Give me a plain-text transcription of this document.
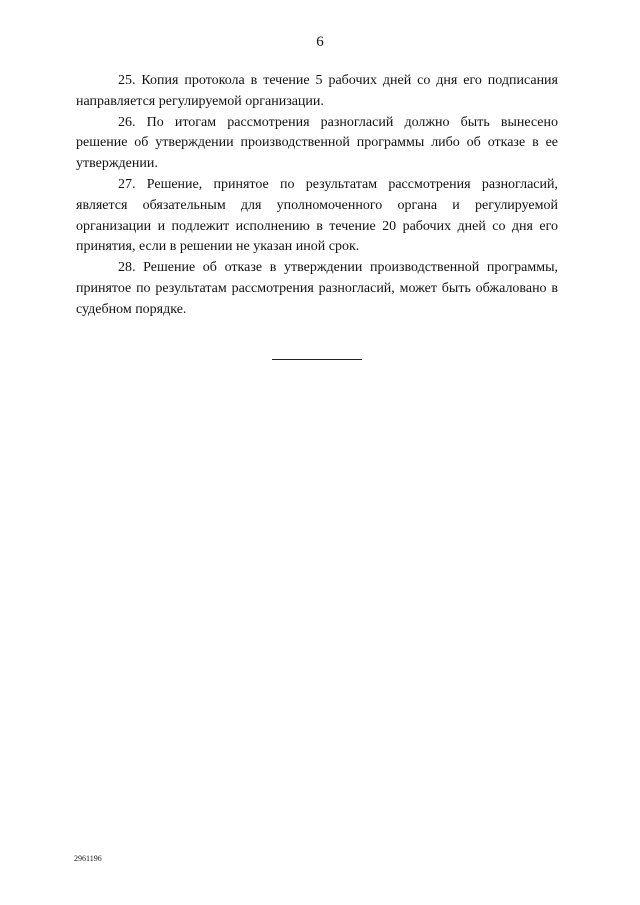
6

25. Копия протокола в течение 5 рабочих дней со дня его подписания направляется регулируемой организации.

26. По итогам рассмотрения разногласий должно быть вынесено решение об утверждении производственной программы либо об отказе в ее утверждении.

27. Решение, принятое по результатам рассмотрения разногласий, является обязательным для уполномоченного органа и регулируемой организации и подлежит исполнению в течение 20 рабочих дней со дня его принятия, если в решении не указан иной срок.

28. Решение об отказе в утверждении производственной программы, принятое по результатам рассмотрения разногласий, может быть обжаловано в судебном порядке.

2961196
